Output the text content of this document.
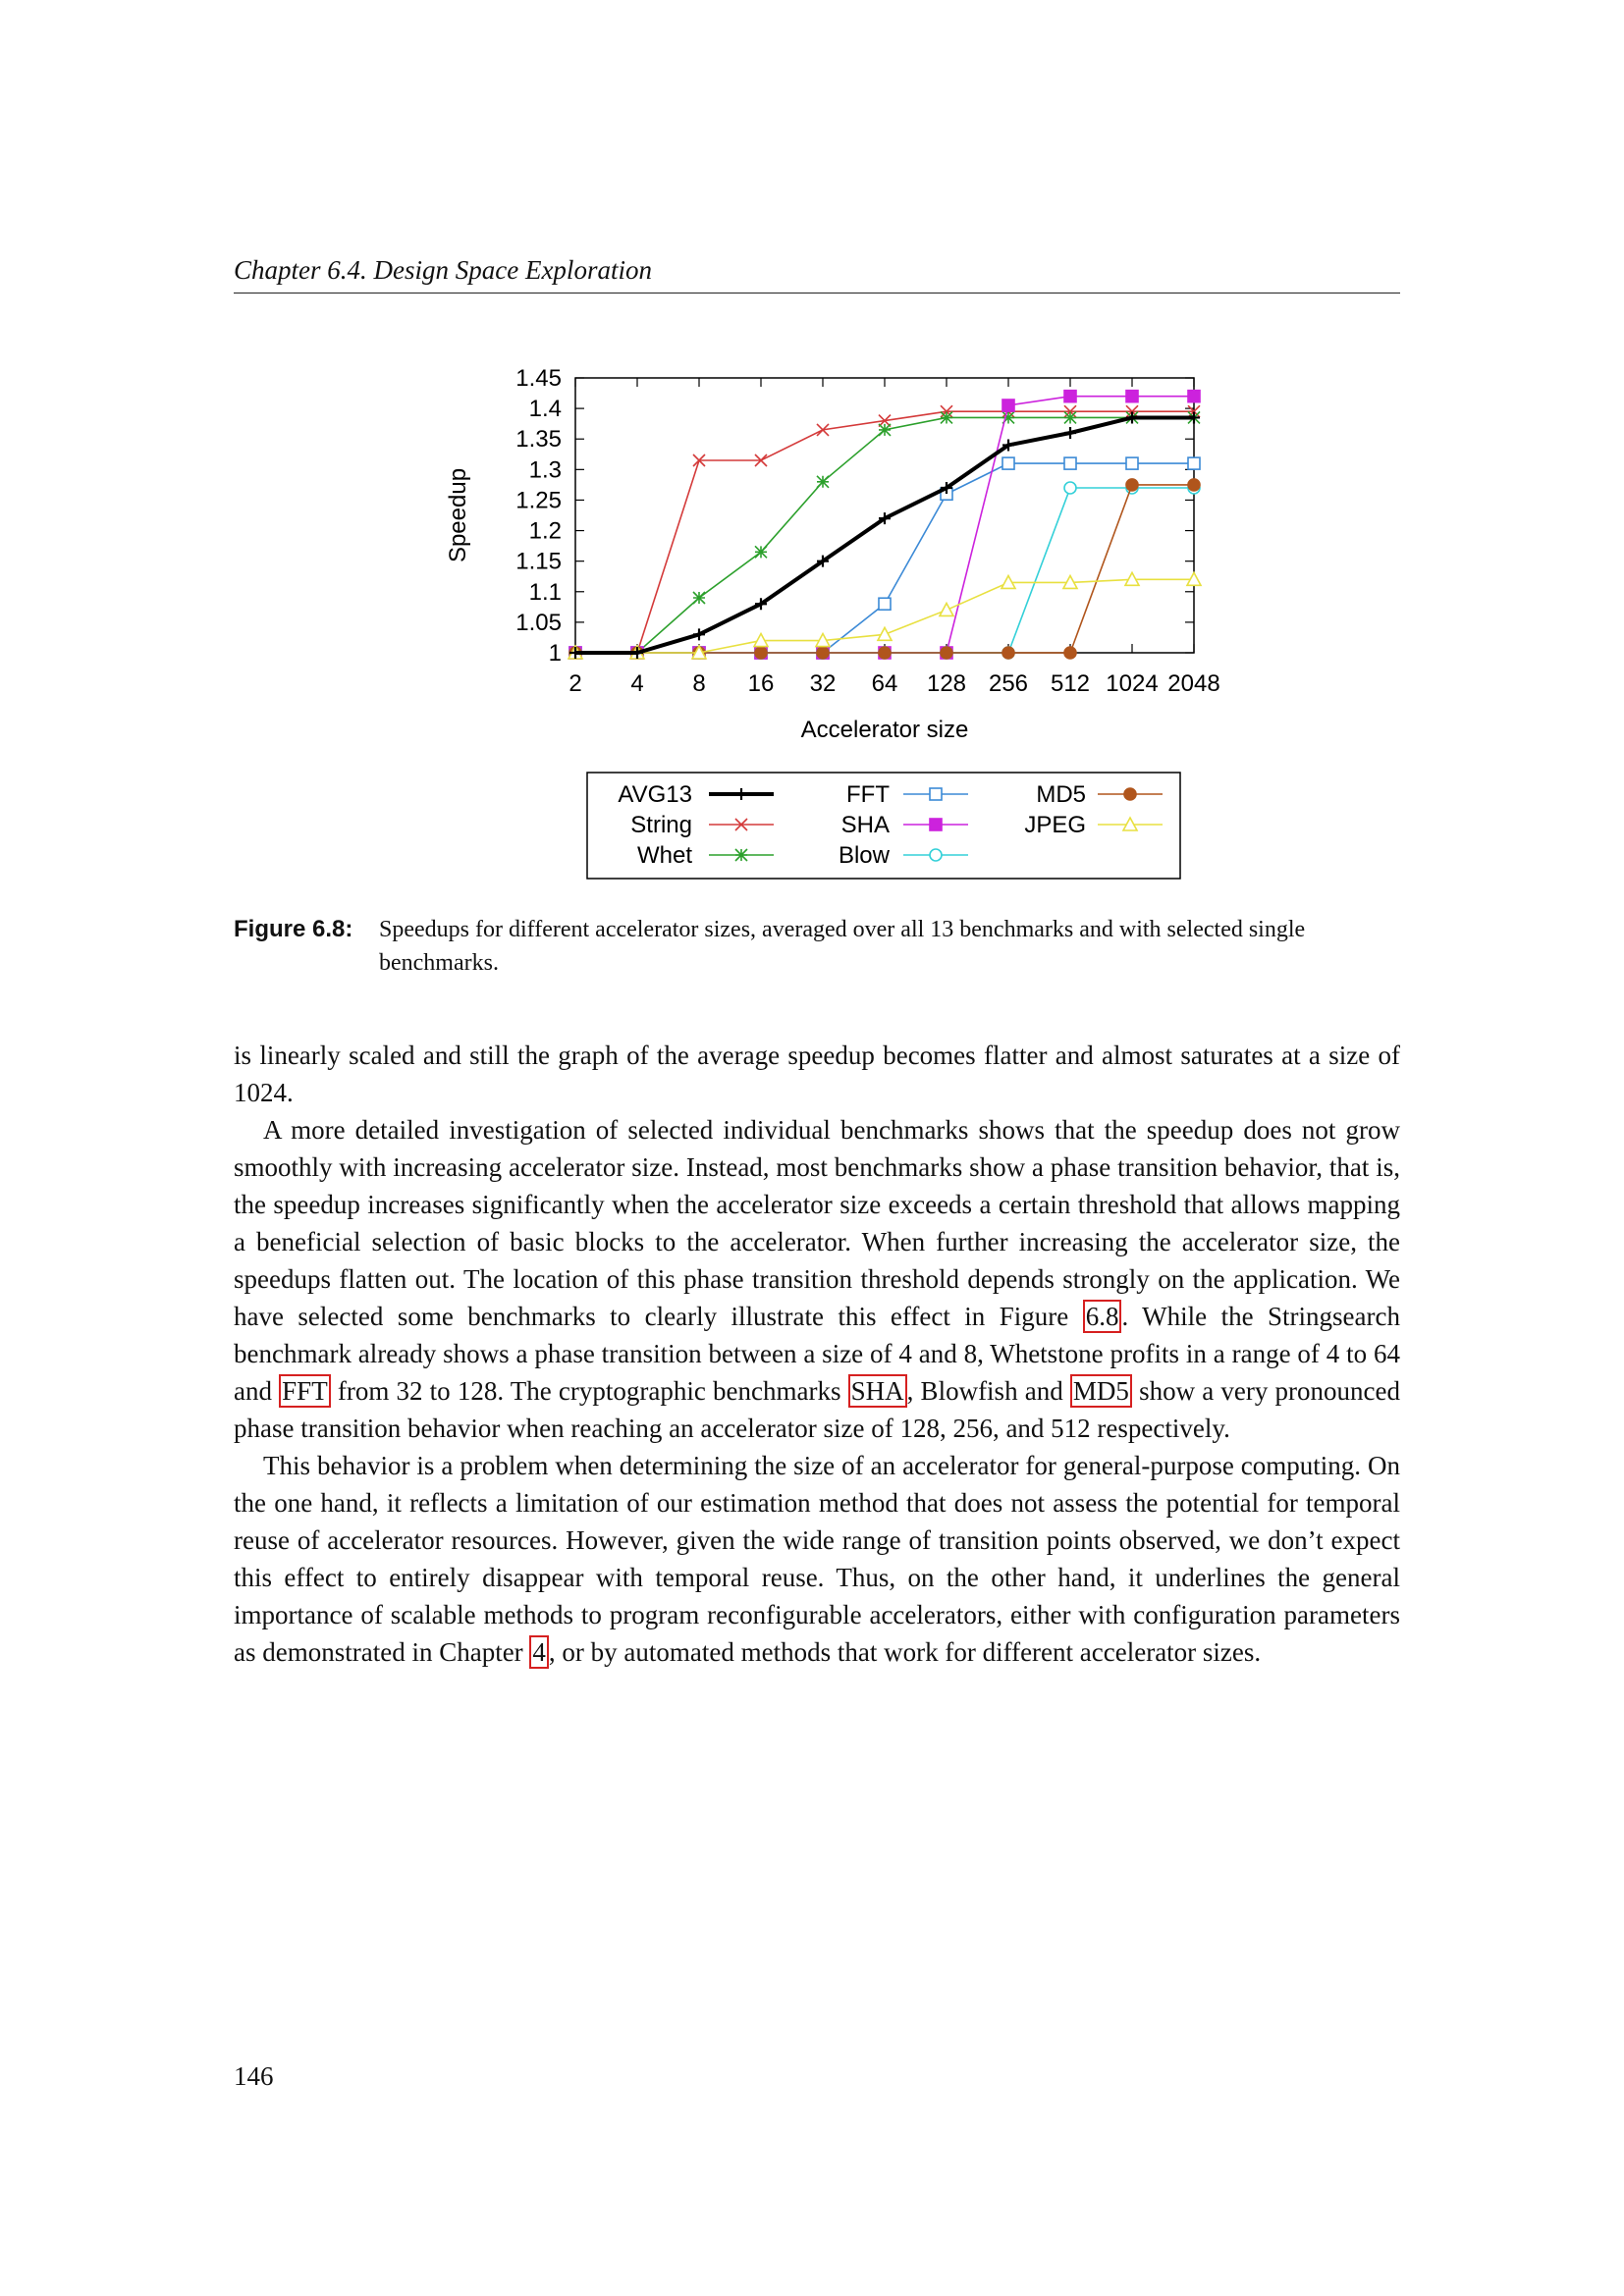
Chapter 6.4. Design Space Exploration
1
1.05
1.1
1.15
1.2
1.25
1.3
1.35
1.4
1.45
2 4 8 16 32 64 128 256 512 1024 2048
Accelerator size
Speedup
AVG13
String
Whet
FFT
SHA
Blow
MD5
JPEG
Figure 6.8: Speedups for different accelerator sizes, averaged over all 13 benchmarks and with selected single benchmarks.

is linearly scaled and still the graph of the average speedup becomes flatter and almost saturates at a size of 1024.

A more detailed investigation of selected individual benchmarks shows that the speedup does not grow smoothly with increasing accelerator size. Instead, most benchmarks show a phase transition behavior, that is, the speedup increases significantly when the accelerator size exceeds a certain threshold that allows mapping a beneficial selection of basic blocks to the accelerator. When further increasing the accelerator size, the speedups flatten out. The location of this phase transition threshold depends strongly on the application. We have selected some benchmarks to clearly illustrate this effect in Figure 6.8 . While the Stringsearch benchmark already shows a phase transition between a size of 4 and 8, Whetstone profits in a range of 4 to 64 and FFT from 32 to 128. The cryptographic benchmarks SHA , Blowfish and MD5 show a very pronounced phase transition behavior when reaching an accelerator size of 128, 256, and 512 respectively.

This behavior is a problem when determining the size of an accelerator for general-purpose computing. On the one hand, it reflects a limitation of our estimation method that does not assess the potential for temporal reuse of accelerator resources. However, given the wide range of transition points observed, we don’t expect this effect to entirely disappear with temporal reuse. Thus, on the other hand, it underlines the general importance of scalable methods to program reconfigurable accelerators, either with configuration parameters as demonstrated in Chapter 4 , or by automated methods that work for different accelerator sizes.

146
